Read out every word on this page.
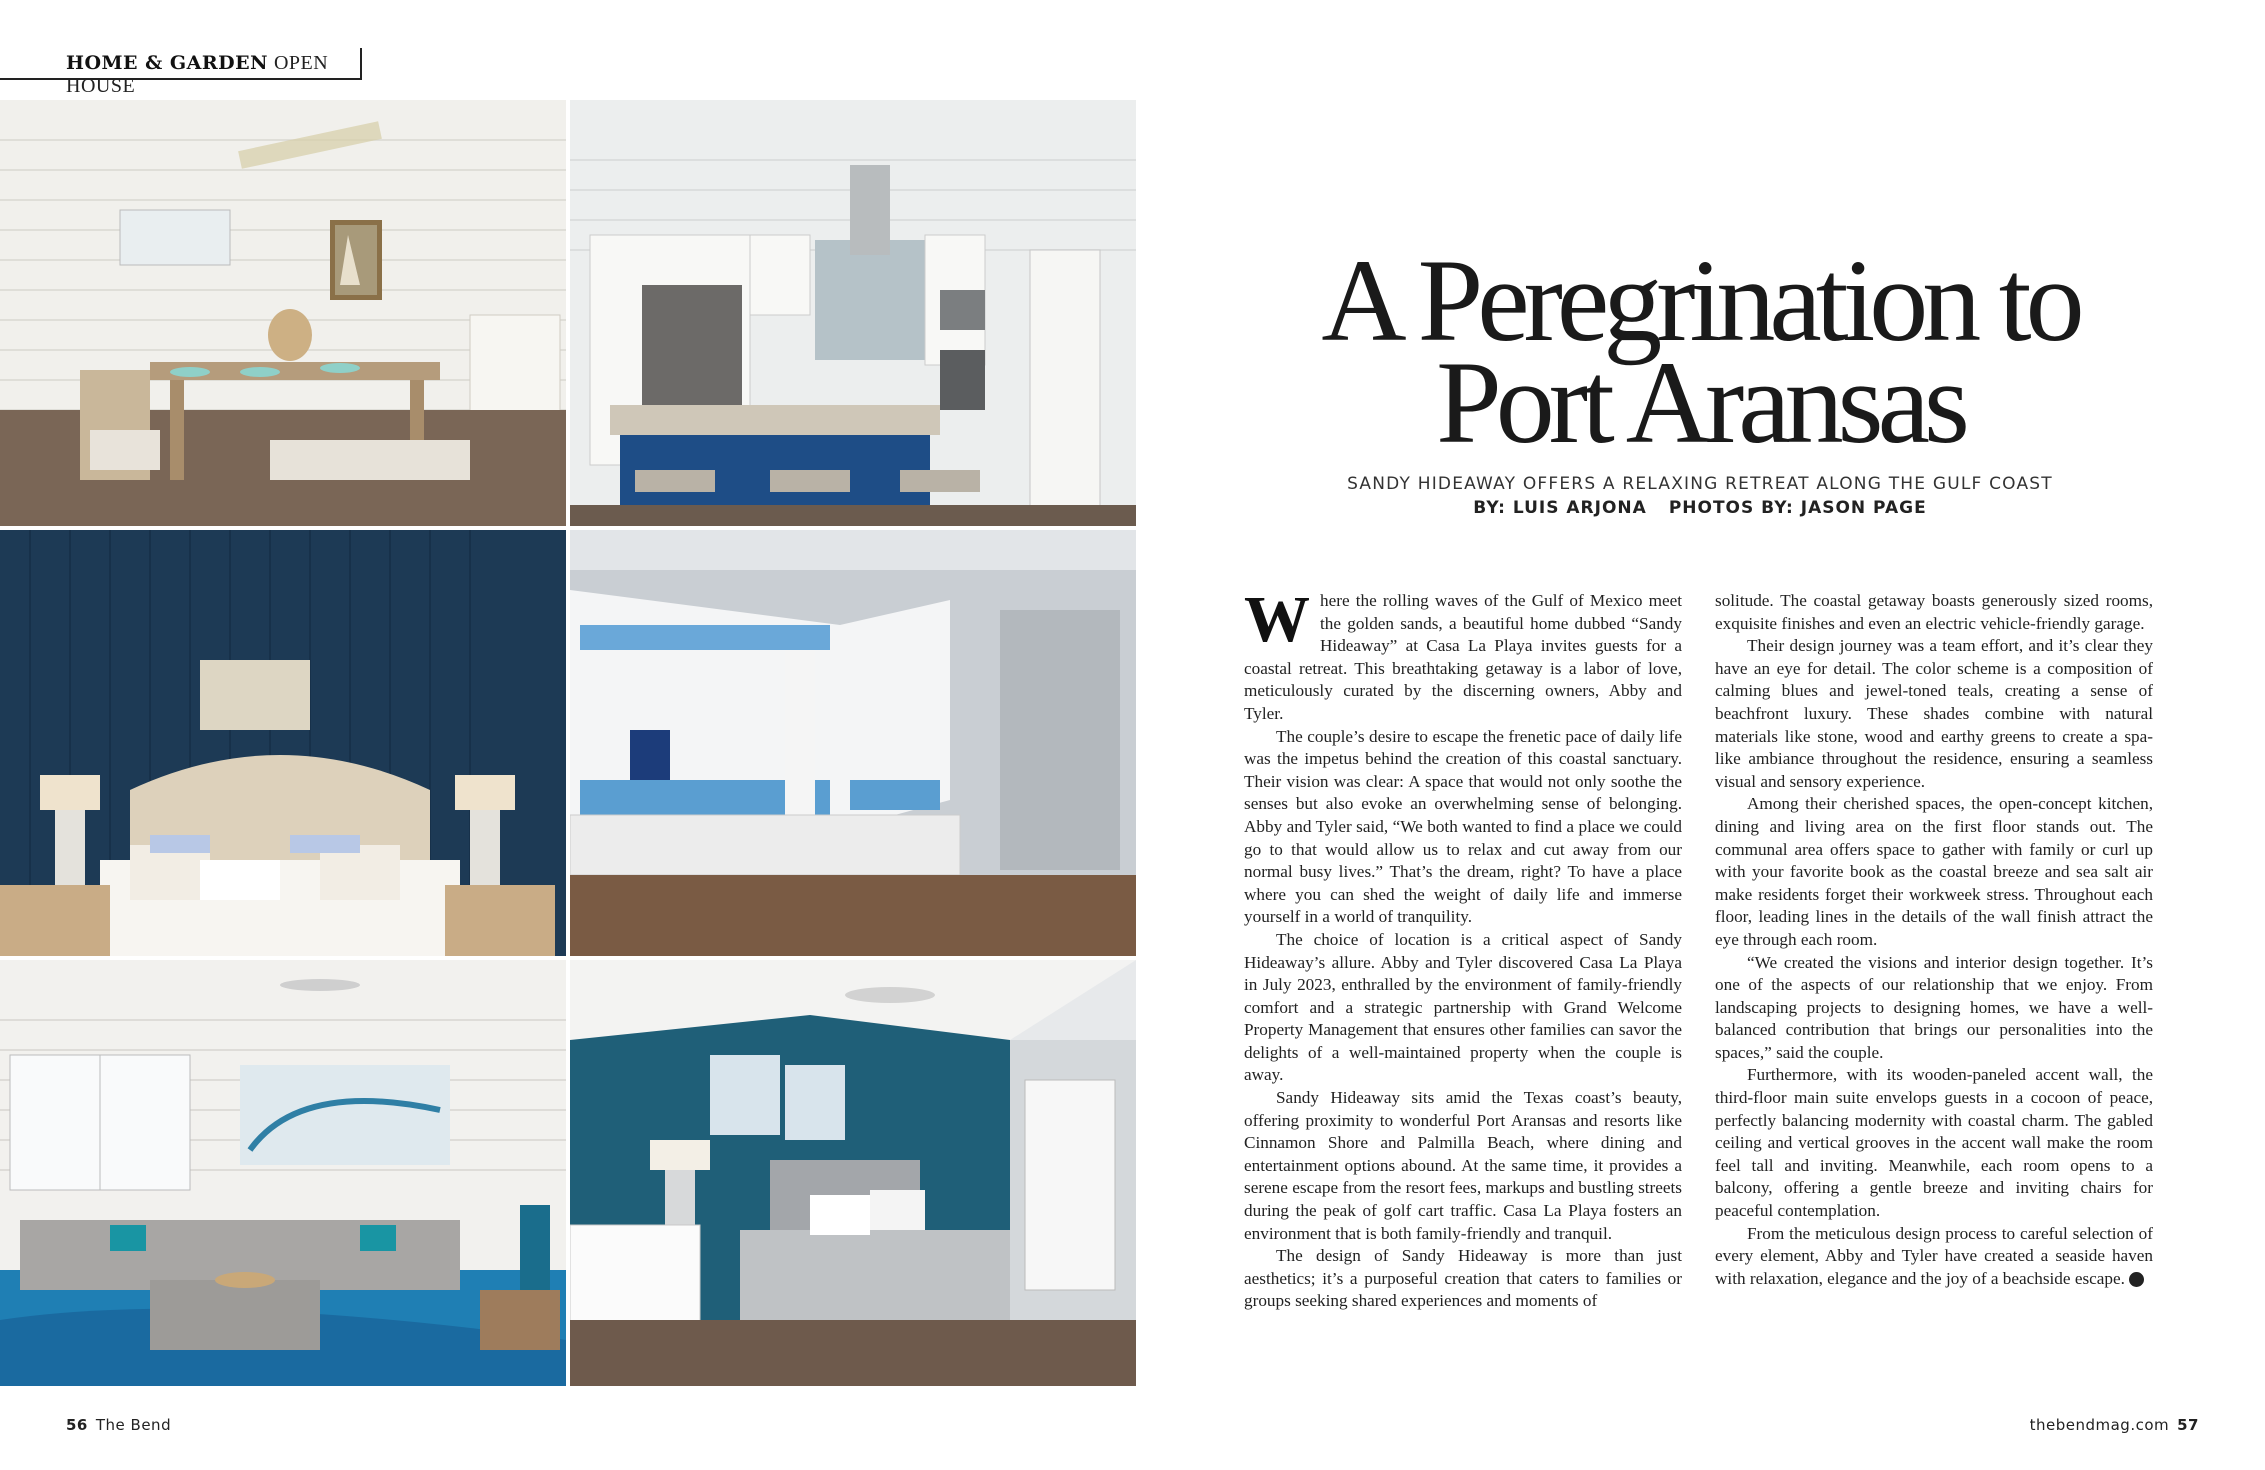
HOME & GARDEN OPEN HOUSE
A Peregrination to Port Aransas
SANDY HIDEAWAY OFFERS A RELAXING RETREAT ALONG THE GULF COAST
BY: LUIS ARJONA PHOTOS BY: JASON PAGE

Where the rolling waves of the Gulf of Mexico meet the golden sands, a beautiful home dubbed “Sandy Hideaway” at Casa La Playa invites guests for a coastal retreat. This breathtaking getaway is a labor of love, meticulously curated by the discerning owners, Abby and Tyler.

The couple’s desire to escape the frenetic pace of daily life was the impetus behind the creation of this coastal sanctuary. Their vision was clear: A space that would not only soothe the senses but also evoke an overwhelming sense of belonging. Abby and Tyler said, “We both wanted to find a place we could go to that would allow us to relax and cut away from our normal busy lives.” That’s the dream, right? To have a place where you can shed the weight of daily life and immerse yourself in a world of tranquility.

The choice of location is a critical aspect of Sandy Hideaway’s allure. Abby and Tyler discovered Casa La Playa in July 2023, enthralled by the environment of family-friendly comfort and a strategic partnership with Grand Welcome Property Management that ensures other families can savor the delights of a well-maintained property when the couple is away.

Sandy Hideaway sits amid the Texas coast’s beauty, offering proximity to wonderful Port Aransas and resorts like Cinnamon Shore and Palmilla Beach, where dining and entertainment options abound. At the same time, it provides a serene escape from the resort fees, markups and bustling streets during the peak of golf cart traffic. Casa La Playa fosters an environment that is both family-friendly and tranquil.

The design of Sandy Hideaway is more than just aesthetics; it’s a purposeful creation that caters to families or groups seeking shared experiences and moments of

solitude. The coastal getaway boasts generously sized rooms, exquisite finishes and even an electric vehicle-friendly garage.

Their design journey was a team effort, and it’s clear they have an eye for detail. The color scheme is a composition of calming blues and jewel-toned teals, creating a sense of beachfront luxury. These shades combine with natural materials like stone, wood and earthy greens to create a spa-like ambiance throughout the residence, ensuring a seamless visual and sensory experience.

Among their cherished spaces, the open-concept kitchen, dining and living area on the first floor stands out. The communal area offers space to gather with family or curl up with your favorite book as the coastal breeze and sea salt air make residents forget their workweek stress. Throughout each floor, leading lines in the details of the wall finish attract the eye through each room.

“We created the visions and interior design together. It’s one of the aspects of our relationship that we enjoy. From landscaping projects to designing homes, we have a well-balanced contribution that brings our personalities into the spaces,” said the couple.

Furthermore, with its wooden-paneled accent wall, the third-floor main suite envelops guests in a cocoon of peace, perfectly balancing modernity with coastal charm. The gabled ceiling and vertical grooves in the accent wall make the room feel tall and inviting. Meanwhile, each room opens to a balcony, offering a gentle breeze and inviting chairs for peaceful contemplation.

From the meticulous design process to careful selection of every element, Abby and Tyler have created a seaside haven with relaxation, elegance and the joy of a beachside escape.	TB

56 The Bend	thebendmag.com 57
